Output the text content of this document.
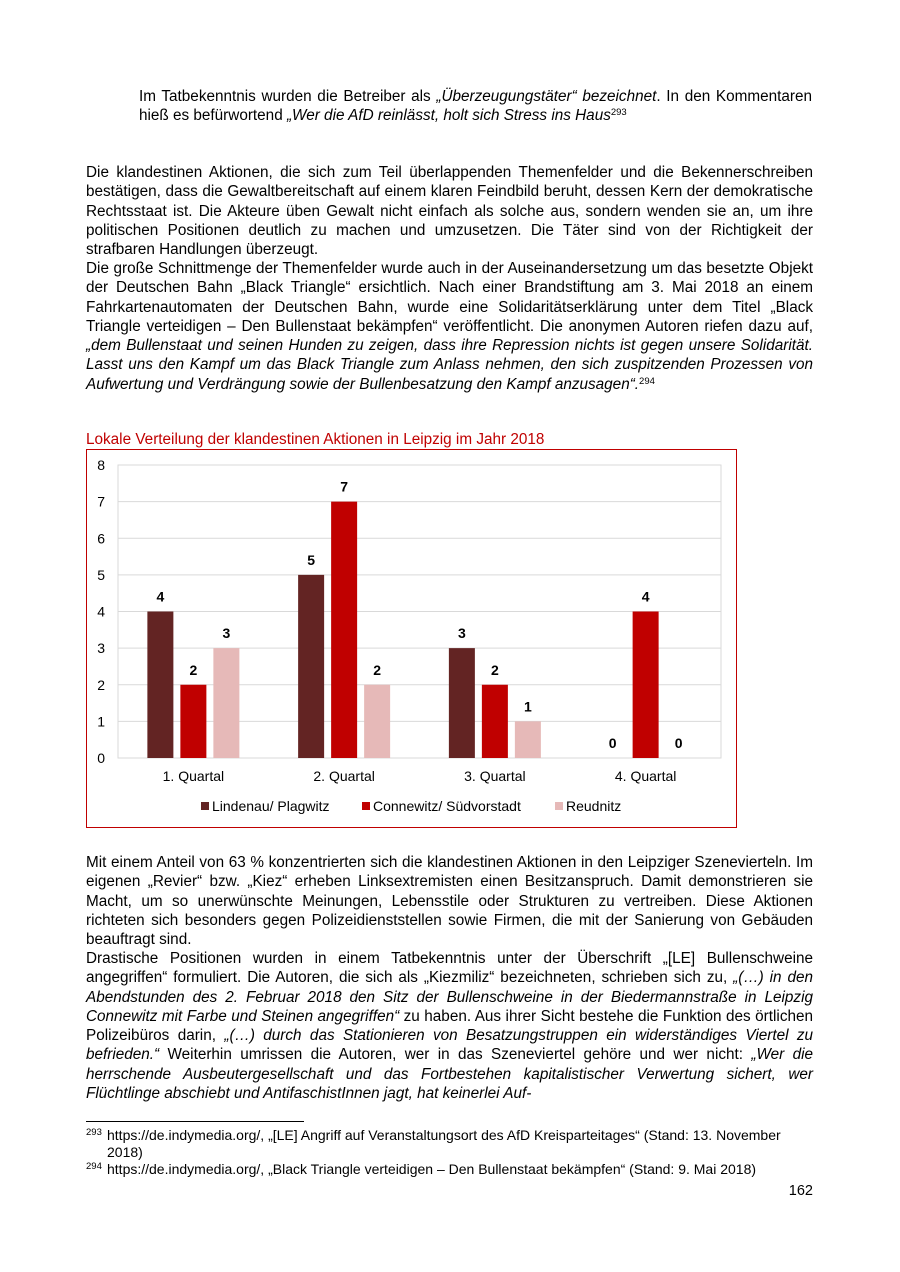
Im Tatbekenntnis wurden die Betreiber als „Überzeugungstäter“ bezeichnet. In den Kommentaren hieß es befürwortend „Wer die AfD reinlässt, holt sich Stress ins Haus$^{293}$

Die klandestinen Aktionen, die sich zum Teil überlappenden Themenfelder und die Bekennerschreiben bestätigen, dass die Gewaltbereitschaft auf einem klaren Feindbild beruht, dessen Kern der demokratische Rechtsstaat ist. Die Akteure üben Gewalt nicht einfach als solche aus, sondern wenden sie an, um ihre politischen Positionen deutlich zu machen und umzusetzen. Die Täter sind von der Richtigkeit der strafbaren Handlungen überzeugt.

Die große Schnittmenge der Themenfelder wurde auch in der Auseinandersetzung um das besetzte Objekt der Deutschen Bahn „Black Triangle“ ersichtlich. Nach einer Brandstiftung am 3. Mai 2018 an einem Fahrkartenautomaten der Deutschen Bahn, wurde eine Solidaritätserklärung unter dem Titel „Black Triangle verteidigen – Den Bullenstaat bekämpfen“ veröffentlicht. Die anonymen Autoren riefen dazu auf, „dem Bullenstaat und seinen Hunden zu zeigen, dass ihre Repression nichts ist gegen unsere Solidarität. Lasst uns den Kampf um das Black Triangle zum Anlass nehmen, den sich zuspitzenden Prozessen von Aufwertung und Verdrängung sowie der Bullenbesatzung den Kampf anzusagen“.$^{294}$

Lokale Verteilung der klandestinen Aktionen in Leipzig im Jahr 2018
0
1
2
3
4
5
6
7
8
4
2
3
1. Quartal
5
7
2
2. Quartal
3
2
1
3. Quartal
0
4
0
4. Quartal
Lindenau/ Plagwitz	Connewitz/ Südvorstadt	Reudnitz

Mit einem Anteil von 63 % konzentrierten sich die klandestinen Aktionen in den Leipziger Szenevierteln. Im eigenen „Revier“ bzw. „Kiez“ erheben Linksextremisten einen Besitzanspruch. Damit demonstrieren sie Macht, um so unerwünschte Meinungen, Lebensstile oder Strukturen zu vertreiben. Diese Aktionen richteten sich besonders gegen Polizeidienststellen sowie Firmen, die mit der Sanierung von Gebäuden beauftragt sind.

Drastische Positionen wurden in einem Tatbekenntnis unter der Überschrift „[LE] Bullenschweine angegriffen“ formuliert. Die Autoren, die sich als „Kiezmiliz“ bezeichneten, schrieben sich zu, „(…) in den Abendstunden des 2. Februar 2018 den Sitz der Bullenschweine in der Biedermannstraße in Leipzig Connewitz mit Farbe und Steinen angegriffen“ zu haben. Aus ihrer Sicht bestehe die Funktion des örtlichen Polizeibüros darin, „(…) durch das Stationieren von Besatzungstruppen ein widerständiges Viertel zu befrieden.“ Weiterhin umrissen die Autoren, wer in das Szeneviertel gehöre und wer nicht: „Wer die herrschende Ausbeutergesellschaft und das Fortbestehen kapitalistischer Verwertung sichert, wer Flüchtlinge abschiebt und AntifaschistInnen jagt, hat keinerlei Auf-

293 https://de.indymedia.org/, „[LE] Angriff auf Veranstaltungsort des AfD Kreisparteitages“ (Stand: 13. November 2018)

294 https://de.indymedia.org/, „Black Triangle verteidigen – Den Bullenstaat bekämpfen“ (Stand: 9. Mai 2018)

162
